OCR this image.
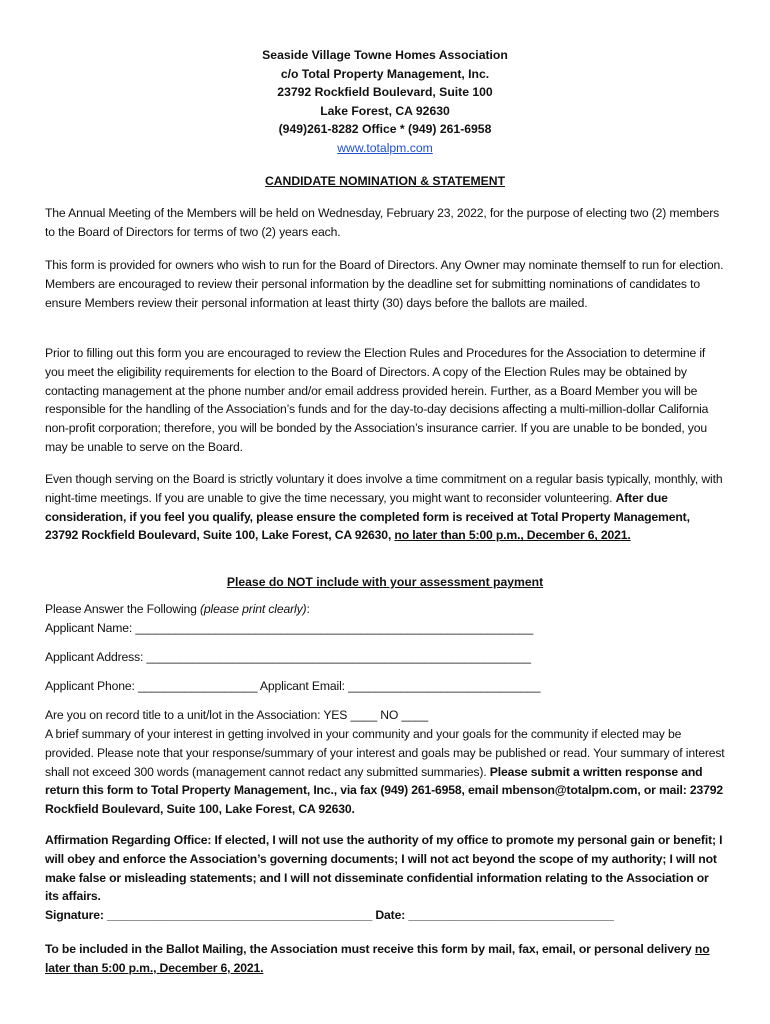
Seaside Village Towne Homes Association
c/o Total Property Management, Inc.
23792 Rockfield Boulevard, Suite 100
Lake Forest, CA 92630
(949)261-8282 Office * (949) 261-6958
www.totalpm.com
CANDIDATE NOMINATION & STATEMENT
The Annual Meeting of the Members will be held on Wednesday, February 23, 2022, for the purpose of electing two (2) members to the Board of Directors for terms of two (2) years each.
This form is provided for owners who wish to run for the Board of Directors. Any Owner may nominate themself to run for election. Members are encouraged to review their personal information by the deadline set for submitting nominations of candidates to ensure Members review their personal information at least thirty (30) days before the ballots are mailed.
Prior to filling out this form you are encouraged to review the Election Rules and Procedures for the Association to determine if you meet the eligibility requirements for election to the Board of Directors. A copy of the Election Rules may be obtained by contacting management at the phone number and/or email address provided herein. Further, as a Board Member you will be responsible for the handling of the Association’s funds and for the day-to-day decisions affecting a multi-million-dollar California non-profit corporation; therefore, you will be bonded by the Association’s insurance carrier. If you are unable to be bonded, you may be unable to serve on the Board.
Even though serving on the Board is strictly voluntary it does involve a time commitment on a regular basis typically, monthly, with night-time meetings. If you are unable to give the time necessary, you might want to reconsider volunteering. After due consideration, if you feel you qualify, please ensure the completed form is received at Total Property Management, 23792 Rockfield Boulevard, Suite 100, Lake Forest, CA 92630, no later than 5:00 p.m., December 6, 2021.
Please do NOT include with your assessment payment
Please Answer the Following (please print clearly):
Applicant Name: ____________________________________________________________
Applicant Address: __________________________________________________________
Applicant Phone: __________________ Applicant Email: _____________________________
Are you on record title to a unit/lot in the Association: YES ____ NO ____
A brief summary of your interest in getting involved in your community and your goals for the community if elected may be provided. Please note that your response/summary of your interest and goals may be published or read. Your summary of interest shall not exceed 300 words (management cannot redact any submitted summaries). Please submit a written response and return this form to Total Property Management, Inc., via fax (949) 261-6958, email mbenson@totalpm.com, or mail: 23792 Rockfield Boulevard, Suite 100, Lake Forest, CA 92630.
Affirmation Regarding Office: If elected, I will not use the authority of my office to promote my personal gain or benefit; I will obey and enforce the Association’s governing documents; I will not act beyond the scope of my authority; I will not make false or misleading statements; and I will not disseminate confidential information relating to the Association or its affairs.
Signature: ________________________________________ Date: _______________________________
To be included in the Ballot Mailing, the Association must receive this form by mail, fax, email, or personal delivery no later than 5:00 p.m., December 6, 2021.
